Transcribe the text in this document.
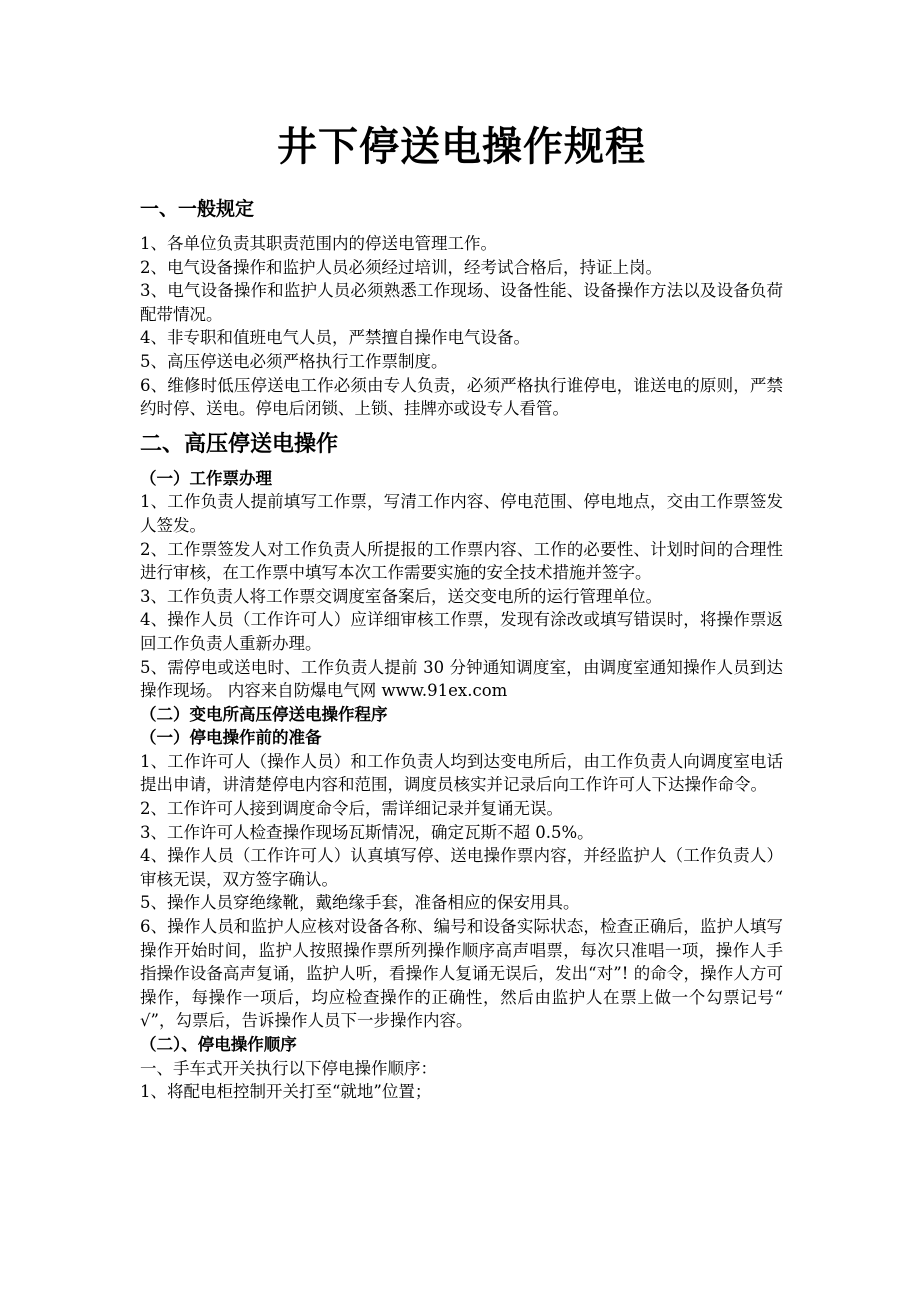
井下停送电操作规程
一、一般规定

1、各单位负责其职责范围内的停送电管理工作。

2、电气设备操作和监护人员必须经过培训，经考试合格后，持证上岗。

3、电气设备操作和监护人员必须熟悉工作现场、设备性能、设备操作方法以及设备负荷配带情况。

4、非专职和值班电气人员，严禁擅自操作电气设备。

5、高压停送电必须严格执行工作票制度。

6、维修时低压停送电工作必须由专人负责，必须严格执行谁停电，谁送电的原则，严禁约时停、送电。停电后闭锁、上锁、挂牌亦或设专人看管。

二、高压停送电操作
（一）工作票办理

1、工作负责人提前填写工作票，写清工作内容、停电范围、停电地点，交由工作票签发人签发。

2、工作票签发人对工作负责人所提报的工作票内容、工作的必要性、计划时间的合理性进行审核，在工作票中填写本次工作需要实施的安全技术措施并签字。

3、工作负责人将工作票交调度室备案后，送交变电所的运行管理单位。

4、操作人员（工作许可人）应详细审核工作票，发现有涂改或填写错误时，将操作票返回工作负责人重新办理。

5、需停电或送电时、工作负责人提前 30 分钟通知调度室，由调度室通知操作人员到达操作现场。 内容来自防爆电气网 www.91ex.com

（二）变电所高压停送电操作程序
（一）停电操作前的准备

1、工作许可人（操作人员）和工作负责人均到达变电所后，由工作负责人向调度室电话提出申请，讲清楚停电内容和范围，调度员核实并记录后向工作许可人下达操作命令。

2、工作许可人接到调度命令后，需详细记录并复诵无误。

3、工作许可人检查操作现场瓦斯情况，确定瓦斯不超 0.5%。

4、操作人员（工作许可人）认真填写停、送电操作票内容，并经监护人（工作负责人）审核无误，双方签字确认。

5、操作人员穿绝缘靴，戴绝缘手套，准备相应的保安用具。

6、操作人员和监护人应核对设备各称、编号和设备实际状态，检查正确后，监护人填写操作开始时间，监护人按照操作票所列操作顺序高声唱票，每次只准唱一项，操作人手指操作设备高声复诵，监护人听，看操作人复诵无误后，发出“对”! 的命令，操作人方可操作，每操作一项后，均应检查操作的正确性，然后由监护人在票上做一个勾票记号“ √”，勾票后，告诉操作人员下一步操作内容。

（二）、停电操作顺序

一、手车式开关执行以下停电操作顺序：

1、将配电柜控制开关打至“就地”位置；
